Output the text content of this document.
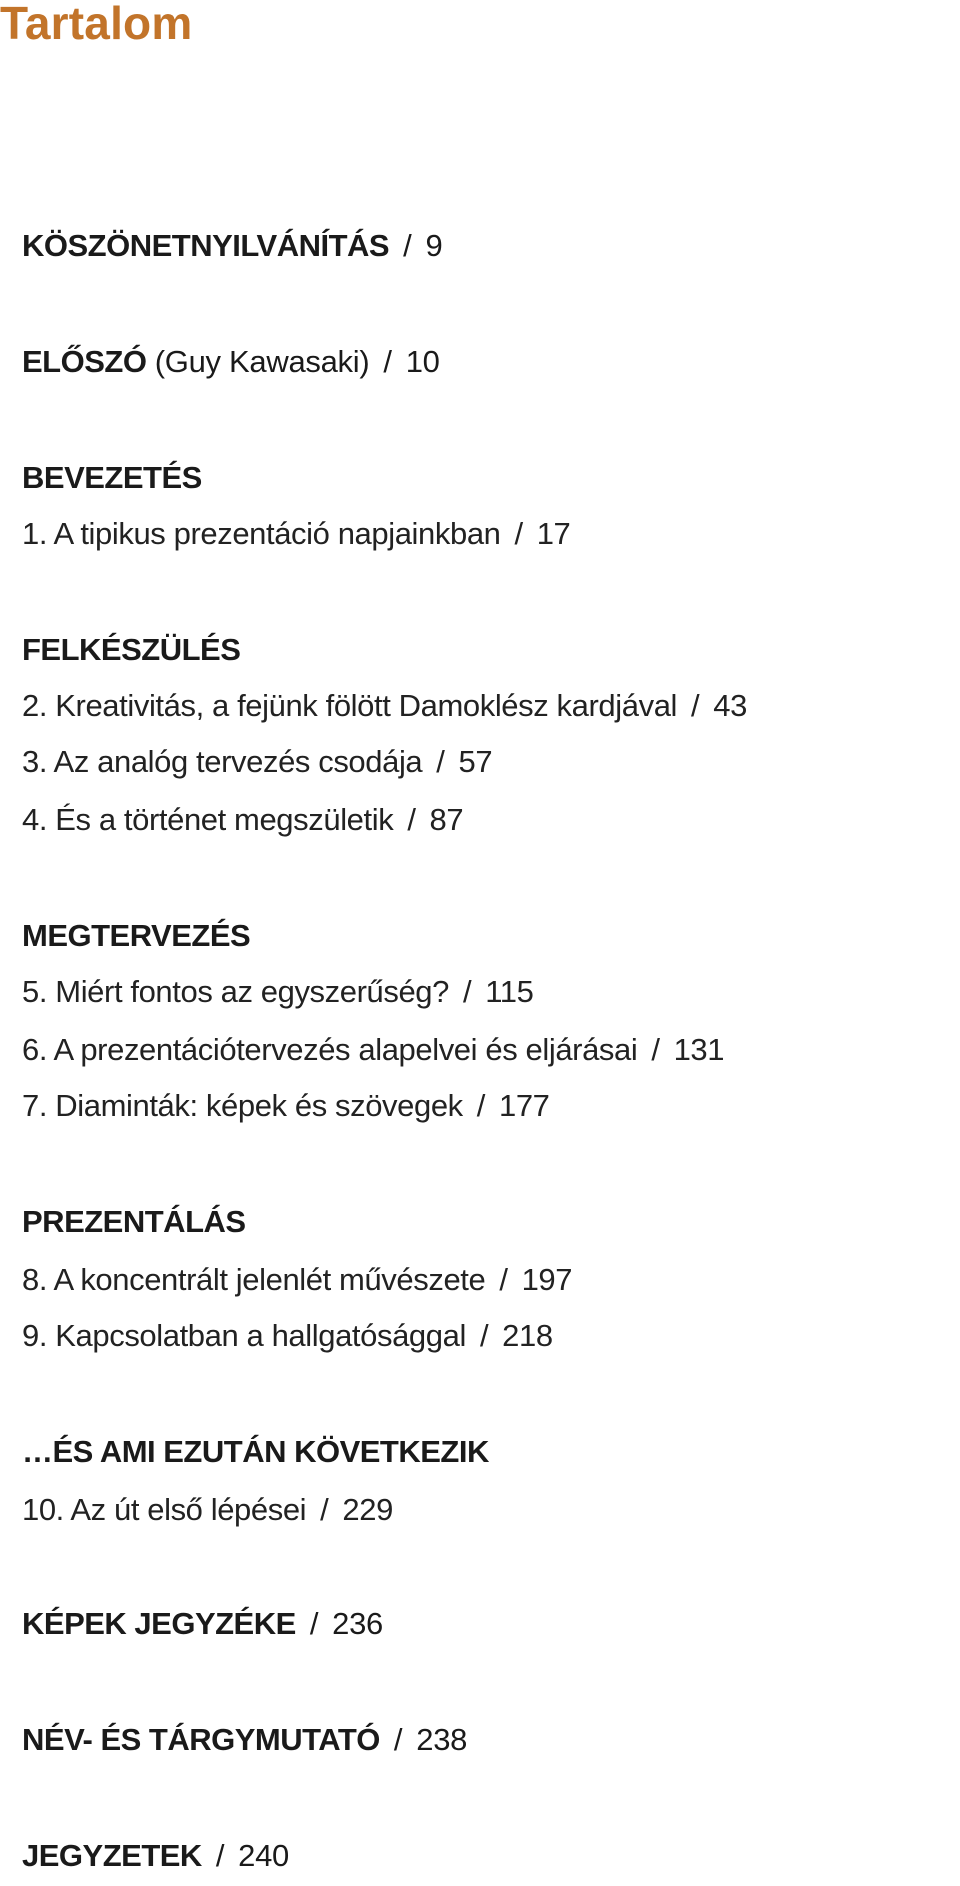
Tartalom
KÖSZÖNETNYILVÁNÍTÁS / 9
ELŐSZÓ (Guy Kawasaki) / 10
BEVEZETÉS
1. A tipikus prezentáció napjainkban / 17
FELKÉSZÜLÉS
2. Kreativitás, a fejünk fölött Damoklész kardjával / 43
3. Az analóg tervezés csodája / 57
4. És a történet megszületik / 87
MEGTERVEZÉS
5. Miért fontos az egyszerűség? / 115
6. A prezentációtervezés alapelvei és eljárásai / 131
7. Diaminták: képek és szövegek / 177
PREZENTÁLÁS
8. A koncentrált jelenlét művészete / 197
9. Kapcsolatban a hallgatósággal / 218
…ÉS AMI EZUTÁN KÖVETKEZIK
10. Az út első lépései / 229
KÉPEK JEGYZÉKE / 236
NÉV- ÉS TÁRGYMUTATÓ / 238
JEGYZETEK / 240
